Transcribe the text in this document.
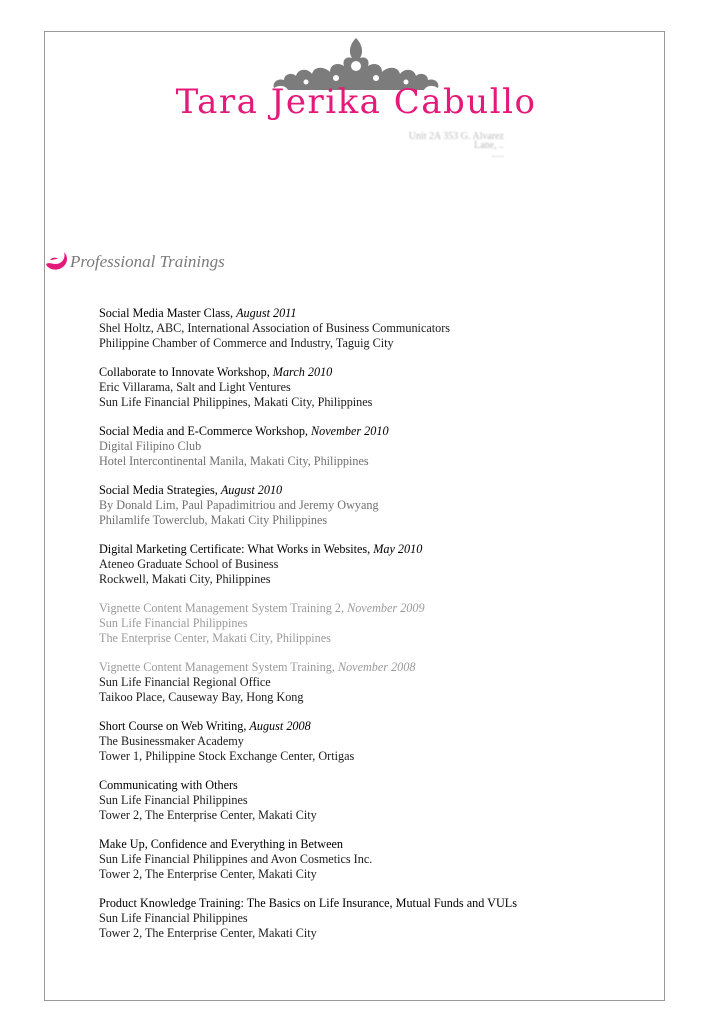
Tara Jerika Cabullo
Unit 2A 353 G. Alvarez
Lane, ..
.....
Professional Trainings
Social Media Master Class, August 2011
Shel Holtz, ABC, International Association of Business Communicators
Philippine Chamber of Commerce and Industry, Taguig City
Collaborate to Innovate Workshop, March 2010
Eric Villarama, Salt and Light Ventures
Sun Life Financial Philippines, Makati City, Philippines
Social Media and E-Commerce Workshop, November 2010
Digital Filipino Club
Hotel Intercontinental Manila, Makati City, Philippines
Social Media Strategies, August 2010
By Donald Lim, Paul Papadimitriou and Jeremy Owyang
Philamlife Towerclub, Makati City Philippines
Digital Marketing Certificate: What Works in Websites, May 2010
Ateneo Graduate School of Business
Rockwell, Makati City, Philippines
Vignette Content Management System Training 2, November 2009
Sun Life Financial Philippines
The Enterprise Center, Makati City, Philippines
Vignette Content Management System Training, November 2008
Sun Life Financial Regional Office
Taikoo Place, Causeway Bay, Hong Kong
Short Course on Web Writing, August 2008
The Businessmaker Academy
Tower 1, Philippine Stock Exchange Center, Ortigas
Communicating with Others
Sun Life Financial Philippines
Tower 2, The Enterprise Center, Makati City
Make Up, Confidence and Everything in Between
Sun Life Financial Philippines and Avon Cosmetics Inc.
Tower 2, The Enterprise Center, Makati City
Product Knowledge Training: The Basics on Life Insurance, Mutual Funds and VULs
Sun Life Financial Philippines
Tower 2, The Enterprise Center, Makati City
